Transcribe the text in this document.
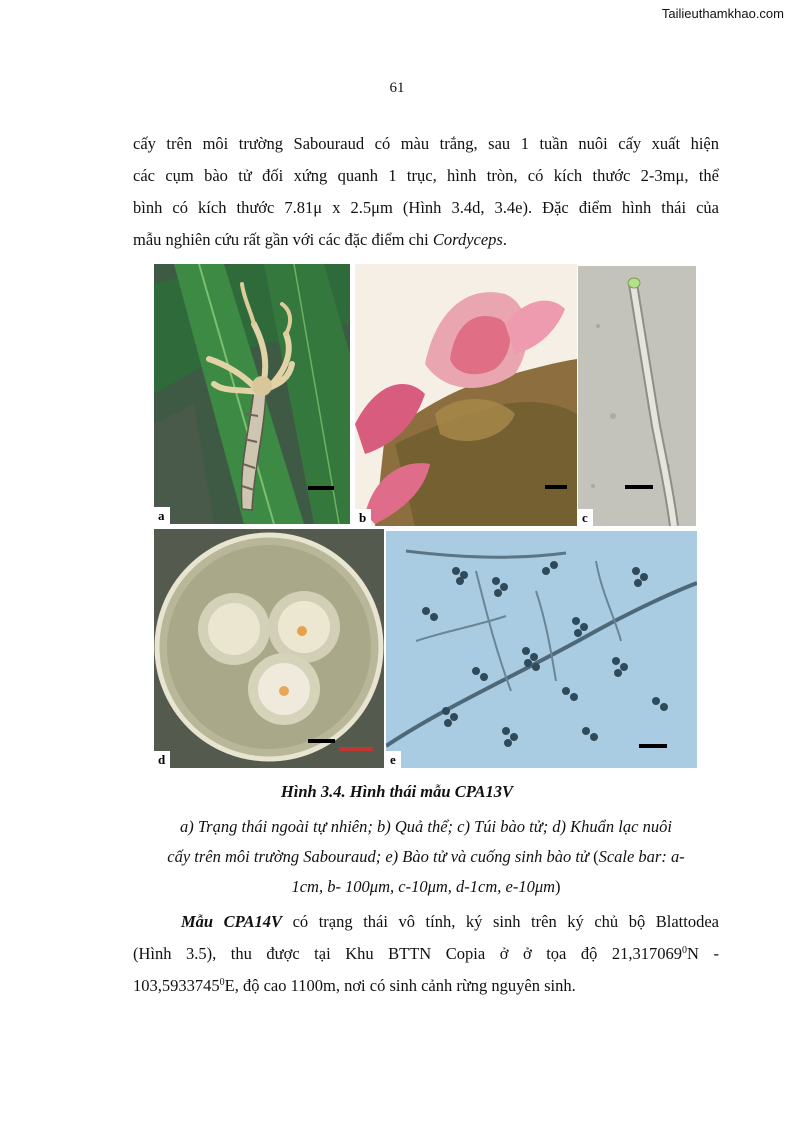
Tailieuthamkhao.com
61
cấy trên môi trường Sabouraud có màu trắng, sau 1 tuần nuôi cấy xuất hiện
các cụm bào tử đối xứng quanh 1 trục, hình tròn, có kích thước 2-3mμ, thể
bình có kích thước 7.81μ x 2.5μm (Hình 3.4d, 3.4e). Đặc điểm hình thái của
mẫu nghiên cứu rất gần với các đặc điểm chi Cordyceps.
a	b	c
d	e
Hình 3.4. Hình thái mẫu CPA13V
a) Trạng thái ngoài tự nhiên; b) Quả thể; c) Túi bào tử; d) Khuẩn lạc nuôi
cấy trên môi trường Sabouraud; e) Bào tử và cuống sinh bào tử (Scale bar: a-
1cm, b- 100μm, c-10μm, d-1cm, e-10μm)
Mẫu CPA14V có trạng thái vô tính, ký sinh trên ký chủ bộ Blattodea
(Hình 3.5), thu được tại Khu BTTN Copia ở ở tọa độ 21,317069$^0$N -
103,5933745$^0$E, độ cao 1100m, nơi có sinh cảnh rừng nguyên sinh.
